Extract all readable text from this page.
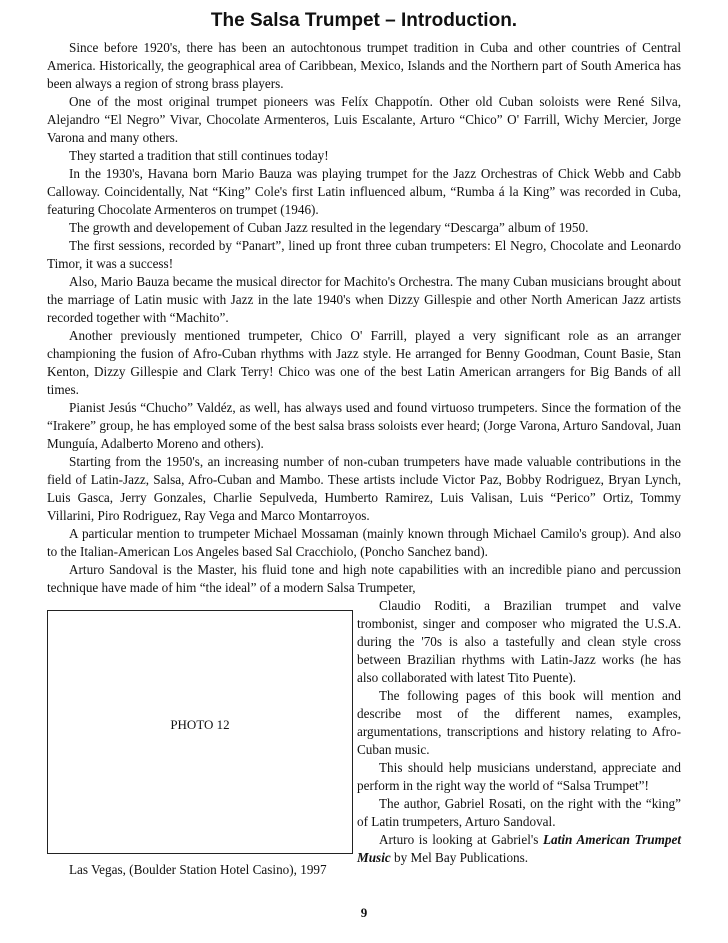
The Salsa Trumpet – Introduction.

Since before 1920's, there has been an autochtonous trumpet tradition in Cuba and other countries of Central America. Historically, the geographical area of Caribbean, Mexico, Islands and the Northern part of South America has been always a region of strong brass players.

One of the most original trumpet pioneers was Felíx Chappotín. Other old Cuban soloists were René Silva, Alejandro “El Negro” Vivar, Chocolate Armenteros, Luis Escalante, Arturo “Chico” O' Farrill, Wichy Mercier, Jorge Varona and many others.

They started a tradition that still continues today!

In the 1930's, Havana born Mario Bauza was playing trumpet for the Jazz Orchestras of Chick Webb and Cabb Calloway. Coincidentally, Nat “King” Cole's first Latin influenced album, “Rumba á la King” was recorded in Cuba, featuring Chocolate Armenteros on trumpet (1946).

The growth and developement of Cuban Jazz resulted in the legendary “Descarga” album of 1950.

The first sessions, recorded by “Panart”, lined up front three cuban trumpeters: El Negro, Chocolate and Leonardo Timor, it was a success!

Also, Mario Bauza became the musical director for Machito's Orchestra. The many Cuban musicians brought about the marriage of Latin music with Jazz in the late 1940's when Dizzy Gillespie and other North American Jazz artists recorded together with “Machito”.

Another previously mentioned trumpeter, Chico O' Farrill, played a very significant role as an arranger championing the fusion of Afro-Cuban rhythms with Jazz style. He arranged for Benny Goodman, Count Basie, Stan Kenton, Dizzy Gillespie and Clark Terry! Chico was one of the best Latin American arrangers for Big Bands of all times.

Pianist Jesús “Chucho” Valdéz, as well, has always used and found virtuoso trumpeters. Since the formation of the “Irakere” group, he has employed some of the best salsa brass soloists ever heard; (Jorge Varona, Arturo Sandoval, Juan Munguía, Adalberto Moreno and others).

Starting from the 1950's, an increasing number of non-cuban trumpeters have made valuable contributions in the field of Latin-Jazz, Salsa, Afro-Cuban and Mambo. These artists include Victor Paz, Bobby Rodriguez, Bryan Lynch, Luis Gasca, Jerry Gonzales, Charlie Sepulveda, Humberto Ramirez, Luis Valisan, Luis “Perico” Ortiz, Tommy Villarini, Piro Rodriguez, Ray Vega and Marco Montarroyos.

A particular mention to trumpeter Michael Mossaman (mainly known through Michael Camilo's group). And also to the Italian-American Los Angeles based Sal Cracchiolo, (Poncho Sanchez band).

Arturo Sandoval is the Master, his fluid tone and high note capabilities with an incredible piano and percussion technique have made of him “the ideal” of a modern Salsa Trumpeter,

PHOTO 12

Claudio Roditi, a Brazilian trumpet and valve trombonist, singer and composer who migrated the U.S.A. during the '70s is also a tastefully and clean style cross between Brazilian rhythms with Latin-Jazz works (he has also collaborated with latest Tito Puente).

The following pages of this book will mention and describe most of the different names, examples, argumentations, transcriptions and history relating to Afro-Cuban music.

This should help musicians understand, appreciate and perform in the right way the world of “Salsa Trumpet”!

The author, Gabriel Rosati, on the right with the “king” of Latin trumpeters, Arturo Sandoval.

Arturo is looking at Gabriel's Latin American Trumpet Music by Mel Bay Publications.

Las Vegas, (Boulder Station Hotel Casino), 1997
9
